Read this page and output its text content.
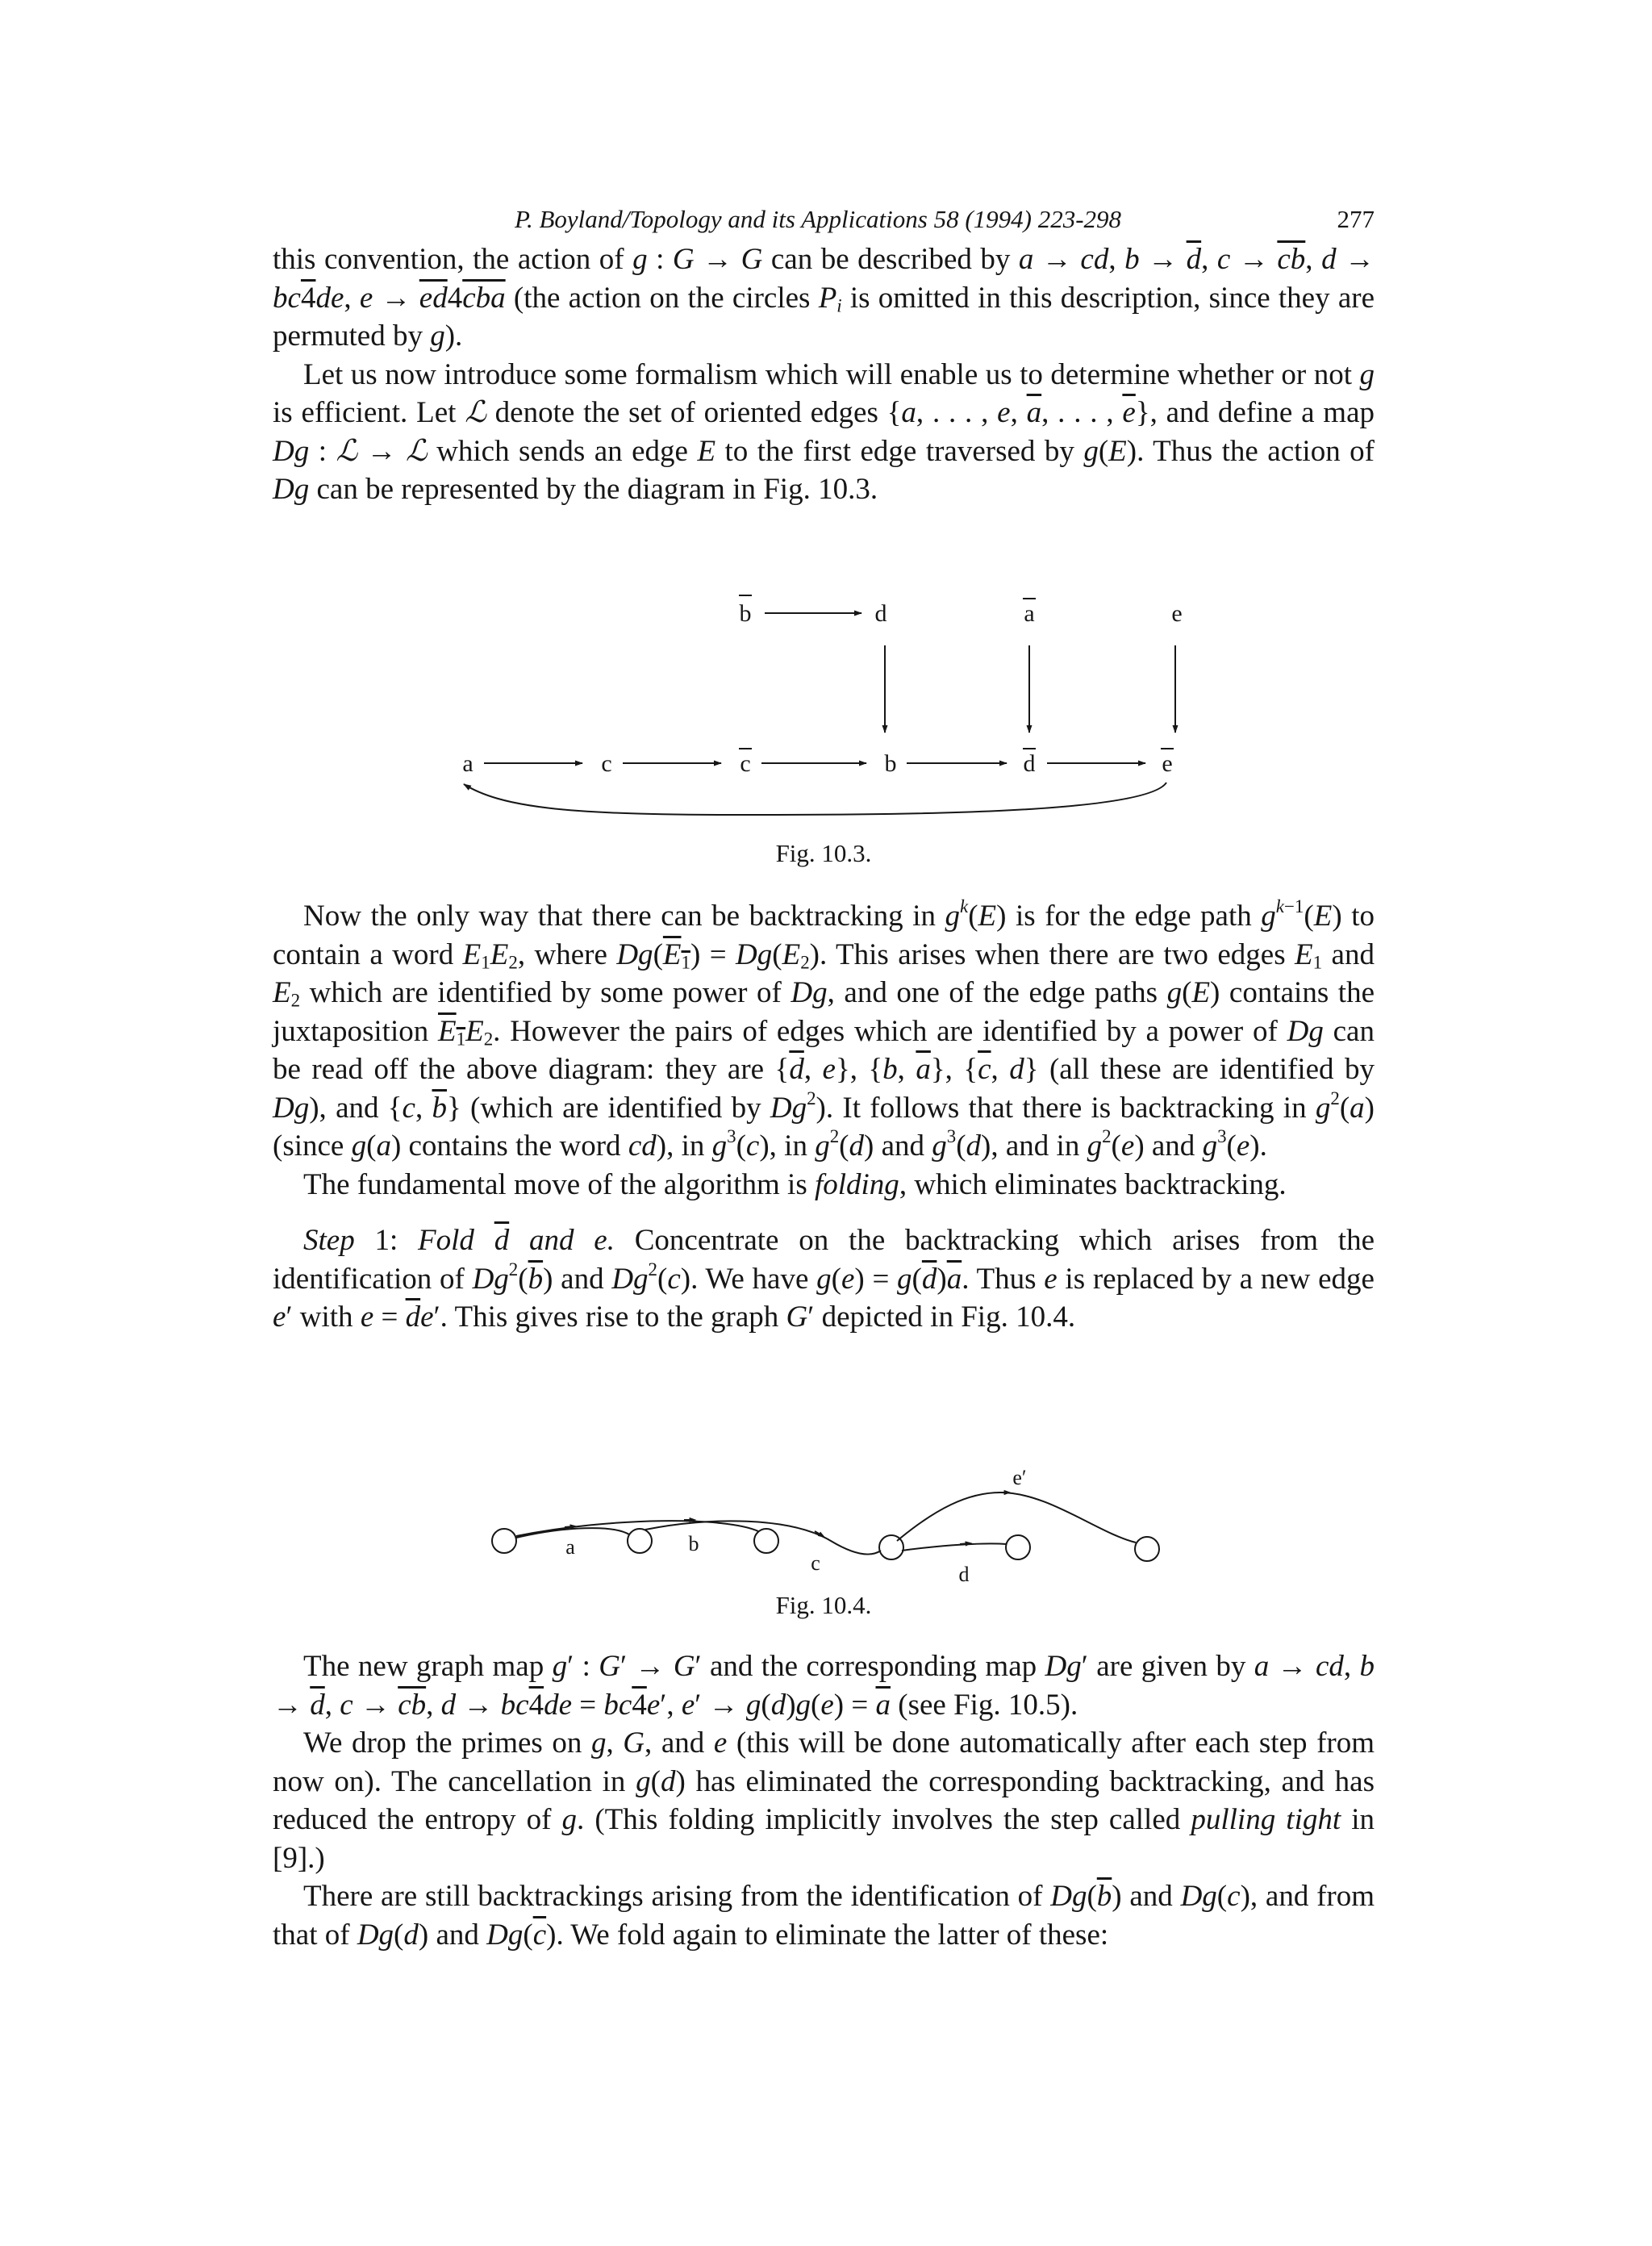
P. Boyland/Topology and its Applications 58 (1994) 223-298	277

this convention, the action of g : G → G can be described by a → cd, $b \to \overline{d}$, $c \to \overline{cb}$, d → bc4de, $e \to \overline{ed}4\overline{cba}$ (the action on the circles $P_i$ is omitted in this description, since they are permuted by g).

Let us now introduce some formalism which will enable us to determine whether or not g is efficient. Let ℒ denote the set of oriented edges {a, . . . , e, $\overline{a}$, . . . , $\overline{e}$}, and define a map Dg : ℒ → ℒ which sends an edge E to the first edge traversed by g(E). Thus the action of Dg can be represented by the diagram in Fig. 10.3.

b	d	a	e
a	c	c	b	d	e

Fig. 10.3.

Now the only way that there can be backtracking in $g^k(E)$ is for the edge path $g^{k-1}(E)$ to contain a word $E_1E_2$, where $Dg(E_1) = Dg(E_2)$. This arises when there are two edges $E_1$ and $E_2$ which are identified by some power of Dg, and one of the edge paths g(E) contains the juxtaposition $E_1E_2$. However the pairs of edges which are identified by a power of Dg can be read off the above diagram: they are {$\overline{d}$, e}, {b, $\overline{a}$}, {$\overline{c}$, d} (all these are identified by Dg), and {c, $\overline{b}$} (which are identified by Dg$^2$). It follows that there is backtracking in $g^2(a)$ (since g(a) contains the word cd), in $g^3(c)$, in $g^2(d)$ and $g^3(d)$, and in $g^2(e)$ and $g^3(e)$.

The fundamental move of the algorithm is folding, which eliminates backtracking.

Step 1: Fold $\overline{d}$ and e. Concentrate on the backtracking which arises from the identification of $Dg^2(\overline{b})$ and Dg$^2$(c). We have $g(e) = g(\overline{d})\overline{a}$. Thus e is replaced by a new edge e′ with $e = \overline{d}e'$. This gives rise to the graph G′ depicted in Fig. 10.4.

a	b
c	d
e′

Fig. 10.4.

The new graph map g′ : G′ → G′ and the corresponding map Dg′ are given by a → cd, $b \to \overline{d}$, $c \to \overline{cb}$, d → bc4de = bc4e′, $e' \to g(d)g(e) = \overline{a}$ (see Fig. 10.5).

We drop the primes on g, G, and e (this will be done automatically after each step from now on). The cancellation in g(d) has eliminated the corresponding backtracking, and has reduced the entropy of g. (This folding implicitly involves the step called pulling tight in [9].)

There are still backtrackings arising from the identification of $Dg(\overline{b})$ and Dg(c), and from that of Dg(d) and $Dg(\overline{c})$. We fold again to eliminate the latter of these:
